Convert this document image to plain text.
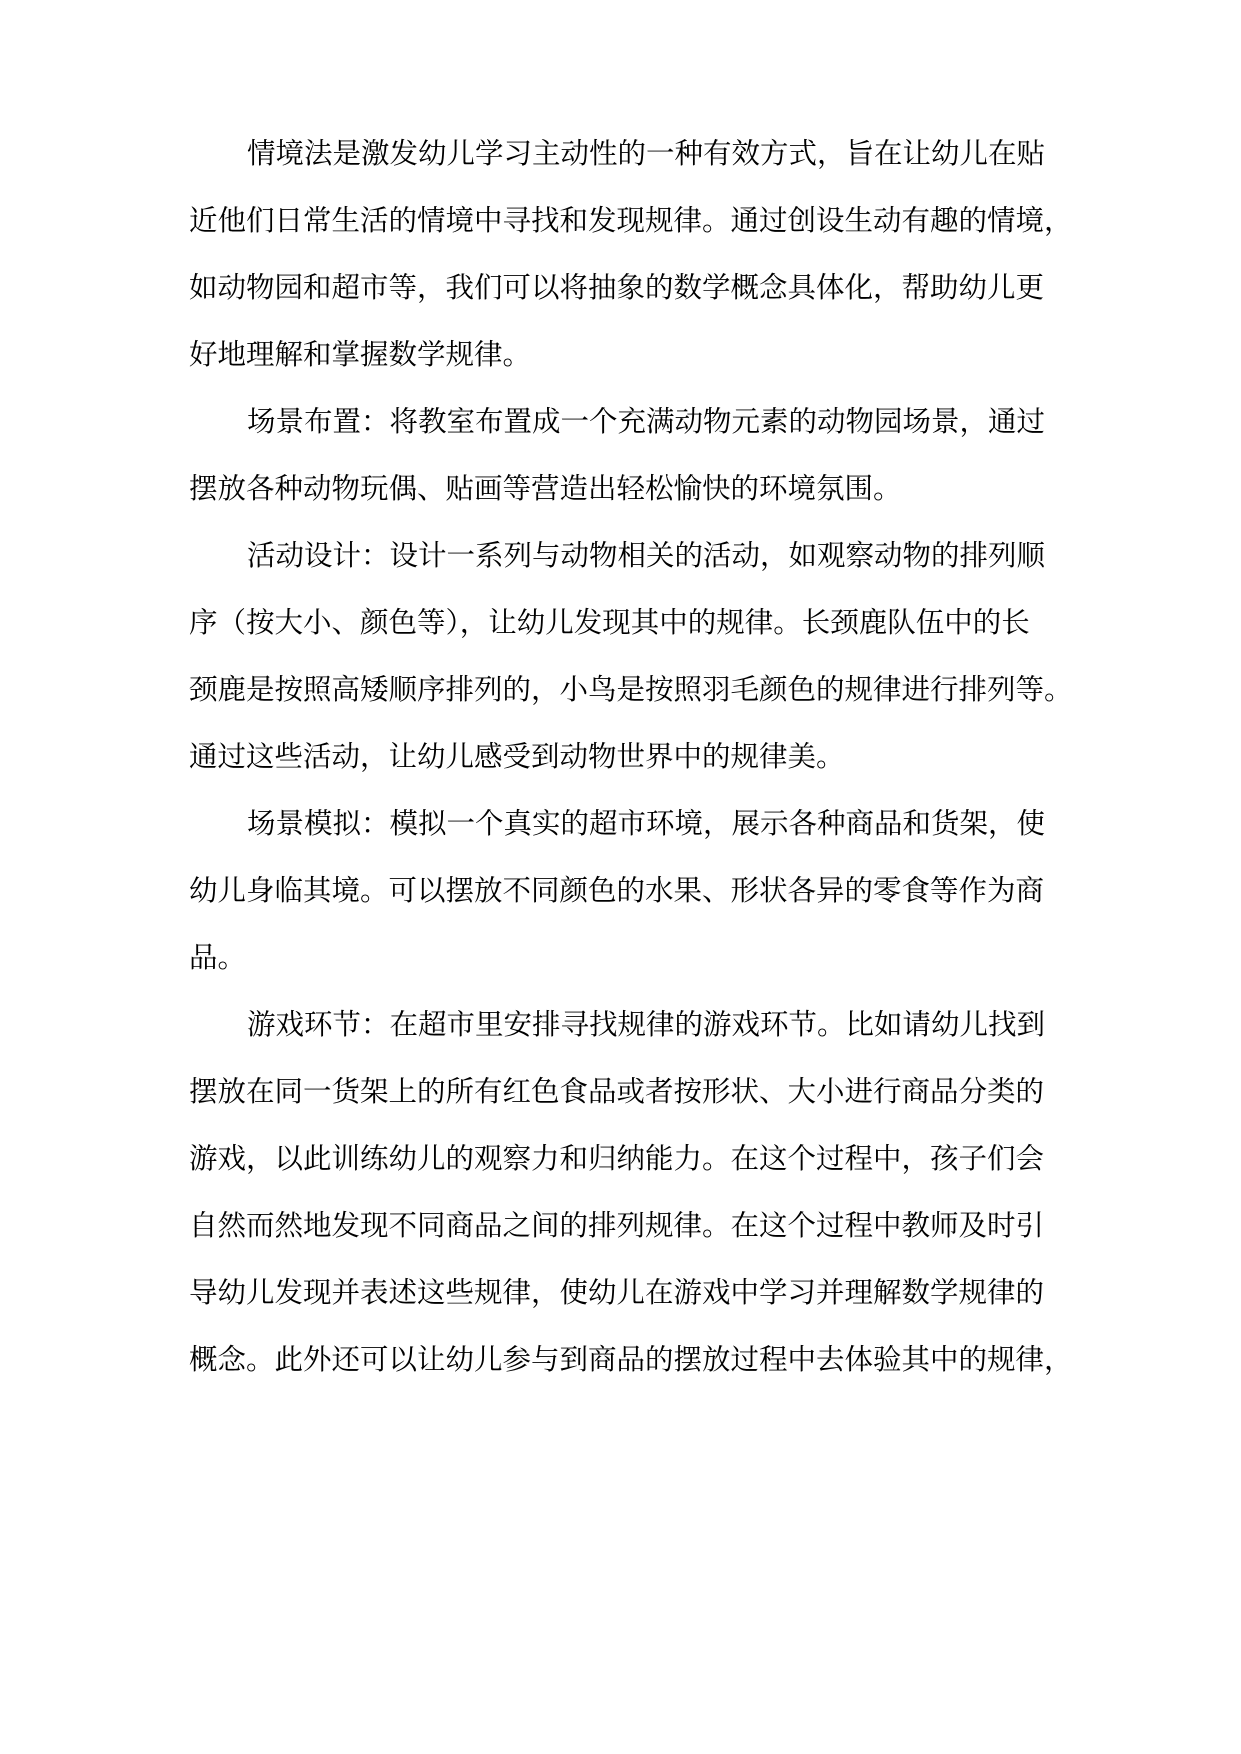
情境法是激发幼儿学习主动性的一种有效方式，旨在让幼儿在贴
近他们日常生活的情境中寻找和发现规律。通过创设生动有趣的情境，
如动物园和超市等，我们可以将抽象的数学概念具体化，帮助幼儿更
好地理解和掌握数学规律。
场景布置：将教室布置成一个充满动物元素的动物园场景，通过
摆放各种动物玩偶、贴画等营造出轻松愉快的环境氛围。
活动设计：设计一系列与动物相关的活动，如观察动物的排列顺
序（按大小、颜色等），让幼儿发现其中的规律。长颈鹿队伍中的长
颈鹿是按照高矮顺序排列的，小鸟是按照羽毛颜色的规律进行排列等。
通过这些活动，让幼儿感受到动物世界中的规律美。
场景模拟：模拟一个真实的超市环境，展示各种商品和货架，使
幼儿身临其境。可以摆放不同颜色的水果、形状各异的零食等作为商
品。
游戏环节：在超市里安排寻找规律的游戏环节。比如请幼儿找到
摆放在同一货架上的所有红色食品或者按形状、大小进行商品分类的
游戏，以此训练幼儿的观察力和归纳能力。在这个过程中，孩子们会
自然而然地发现不同商品之间的排列规律。在这个过程中教师及时引
导幼儿发现并表述这些规律，使幼儿在游戏中学习并理解数学规律的
概念。此外还可以让幼儿参与到商品的摆放过程中去体验其中的规律，
